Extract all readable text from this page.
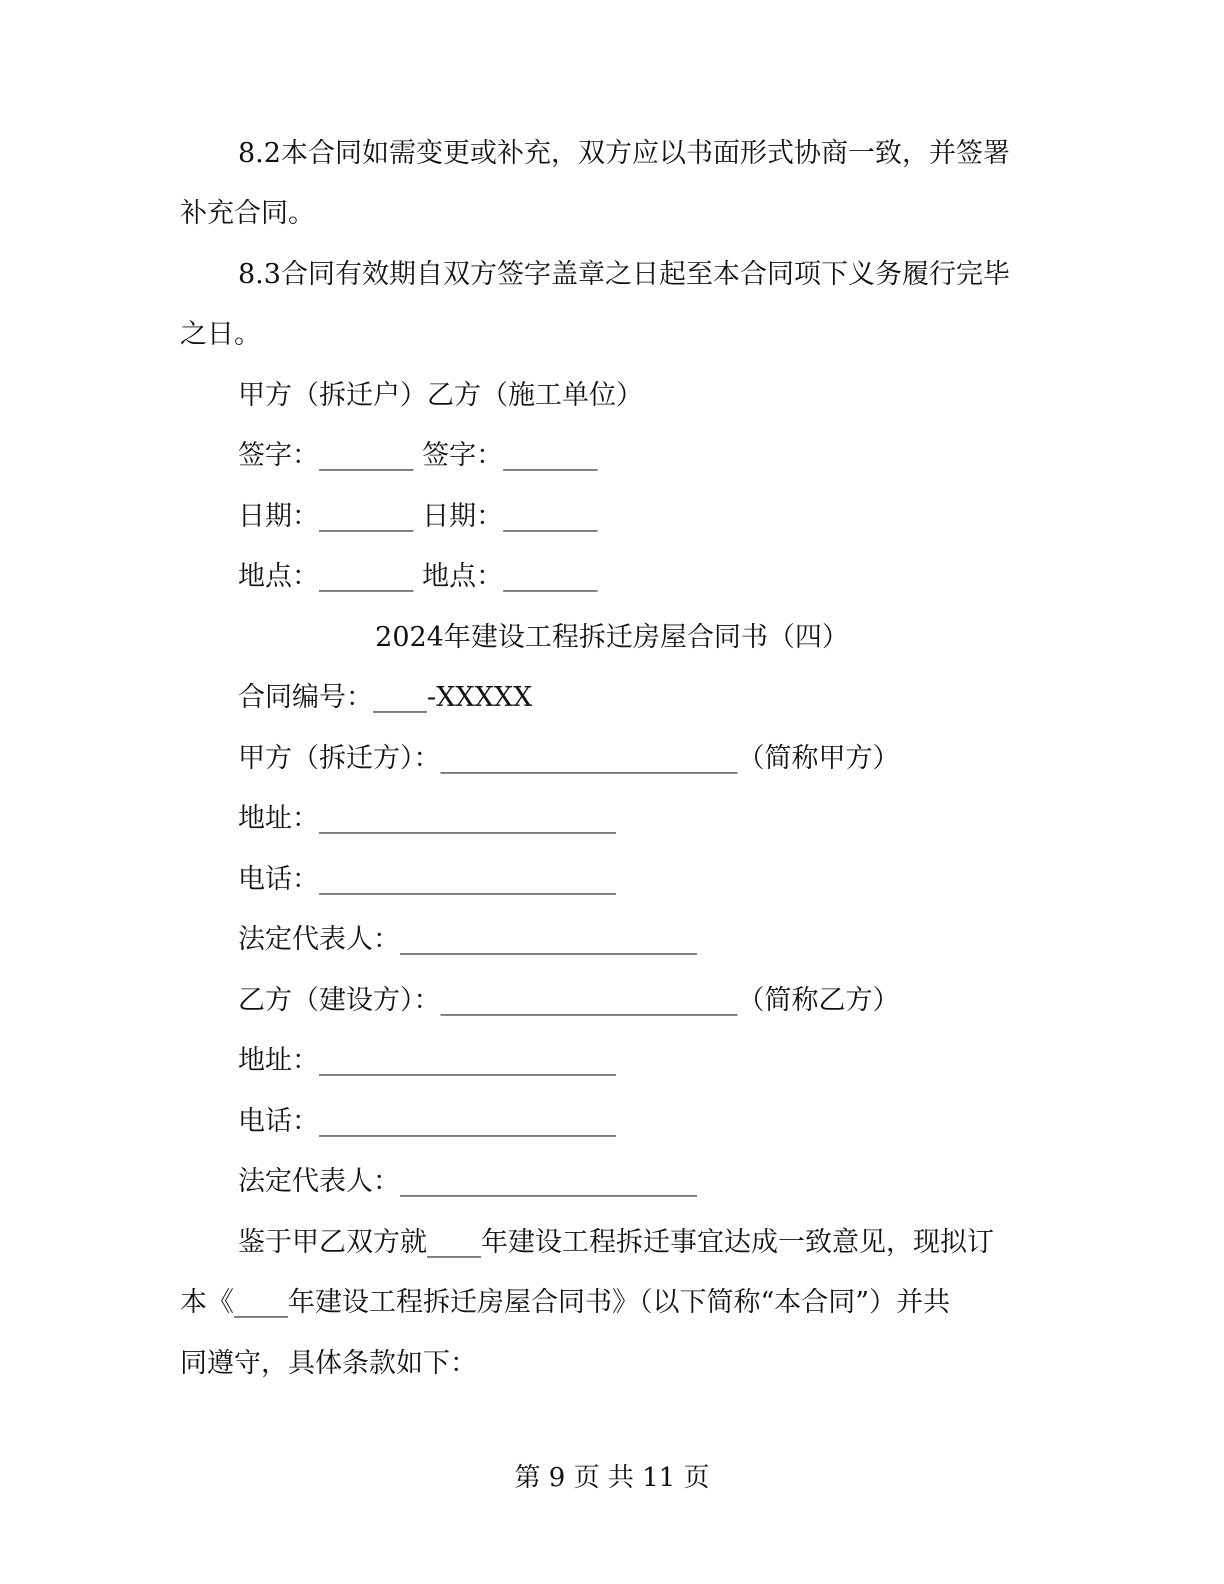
8.2本合同如需变更或补充，双方应以书面形式协商一致，并签署

补充合同。

8.3合同有效期自双方签字盖章之日起至本合同项下义务履行完毕

之日。

甲方（拆迁户）乙方（施工单位）

签字：_______ 签字：_______

日期：_______ 日期：_______

地点：_______ 地点：_______

2024年建设工程拆迁房屋合同书（四）

合同编号：____-XXXXX

甲方（拆迁方）：______________________（简称甲方）

地址：______________________

电话：______________________

法定代表人：______________________

乙方（建设方）：______________________（简称乙方）

地址：______________________

电话：______________________

法定代表人：______________________

鉴于甲乙双方就____年建设工程拆迁事宜达成一致意见，现拟订

本《____年建设工程拆迁房屋合同书》（以下简称“本合同”）并共

同遵守，具体条款如下：

第 9 页 共 11 页
